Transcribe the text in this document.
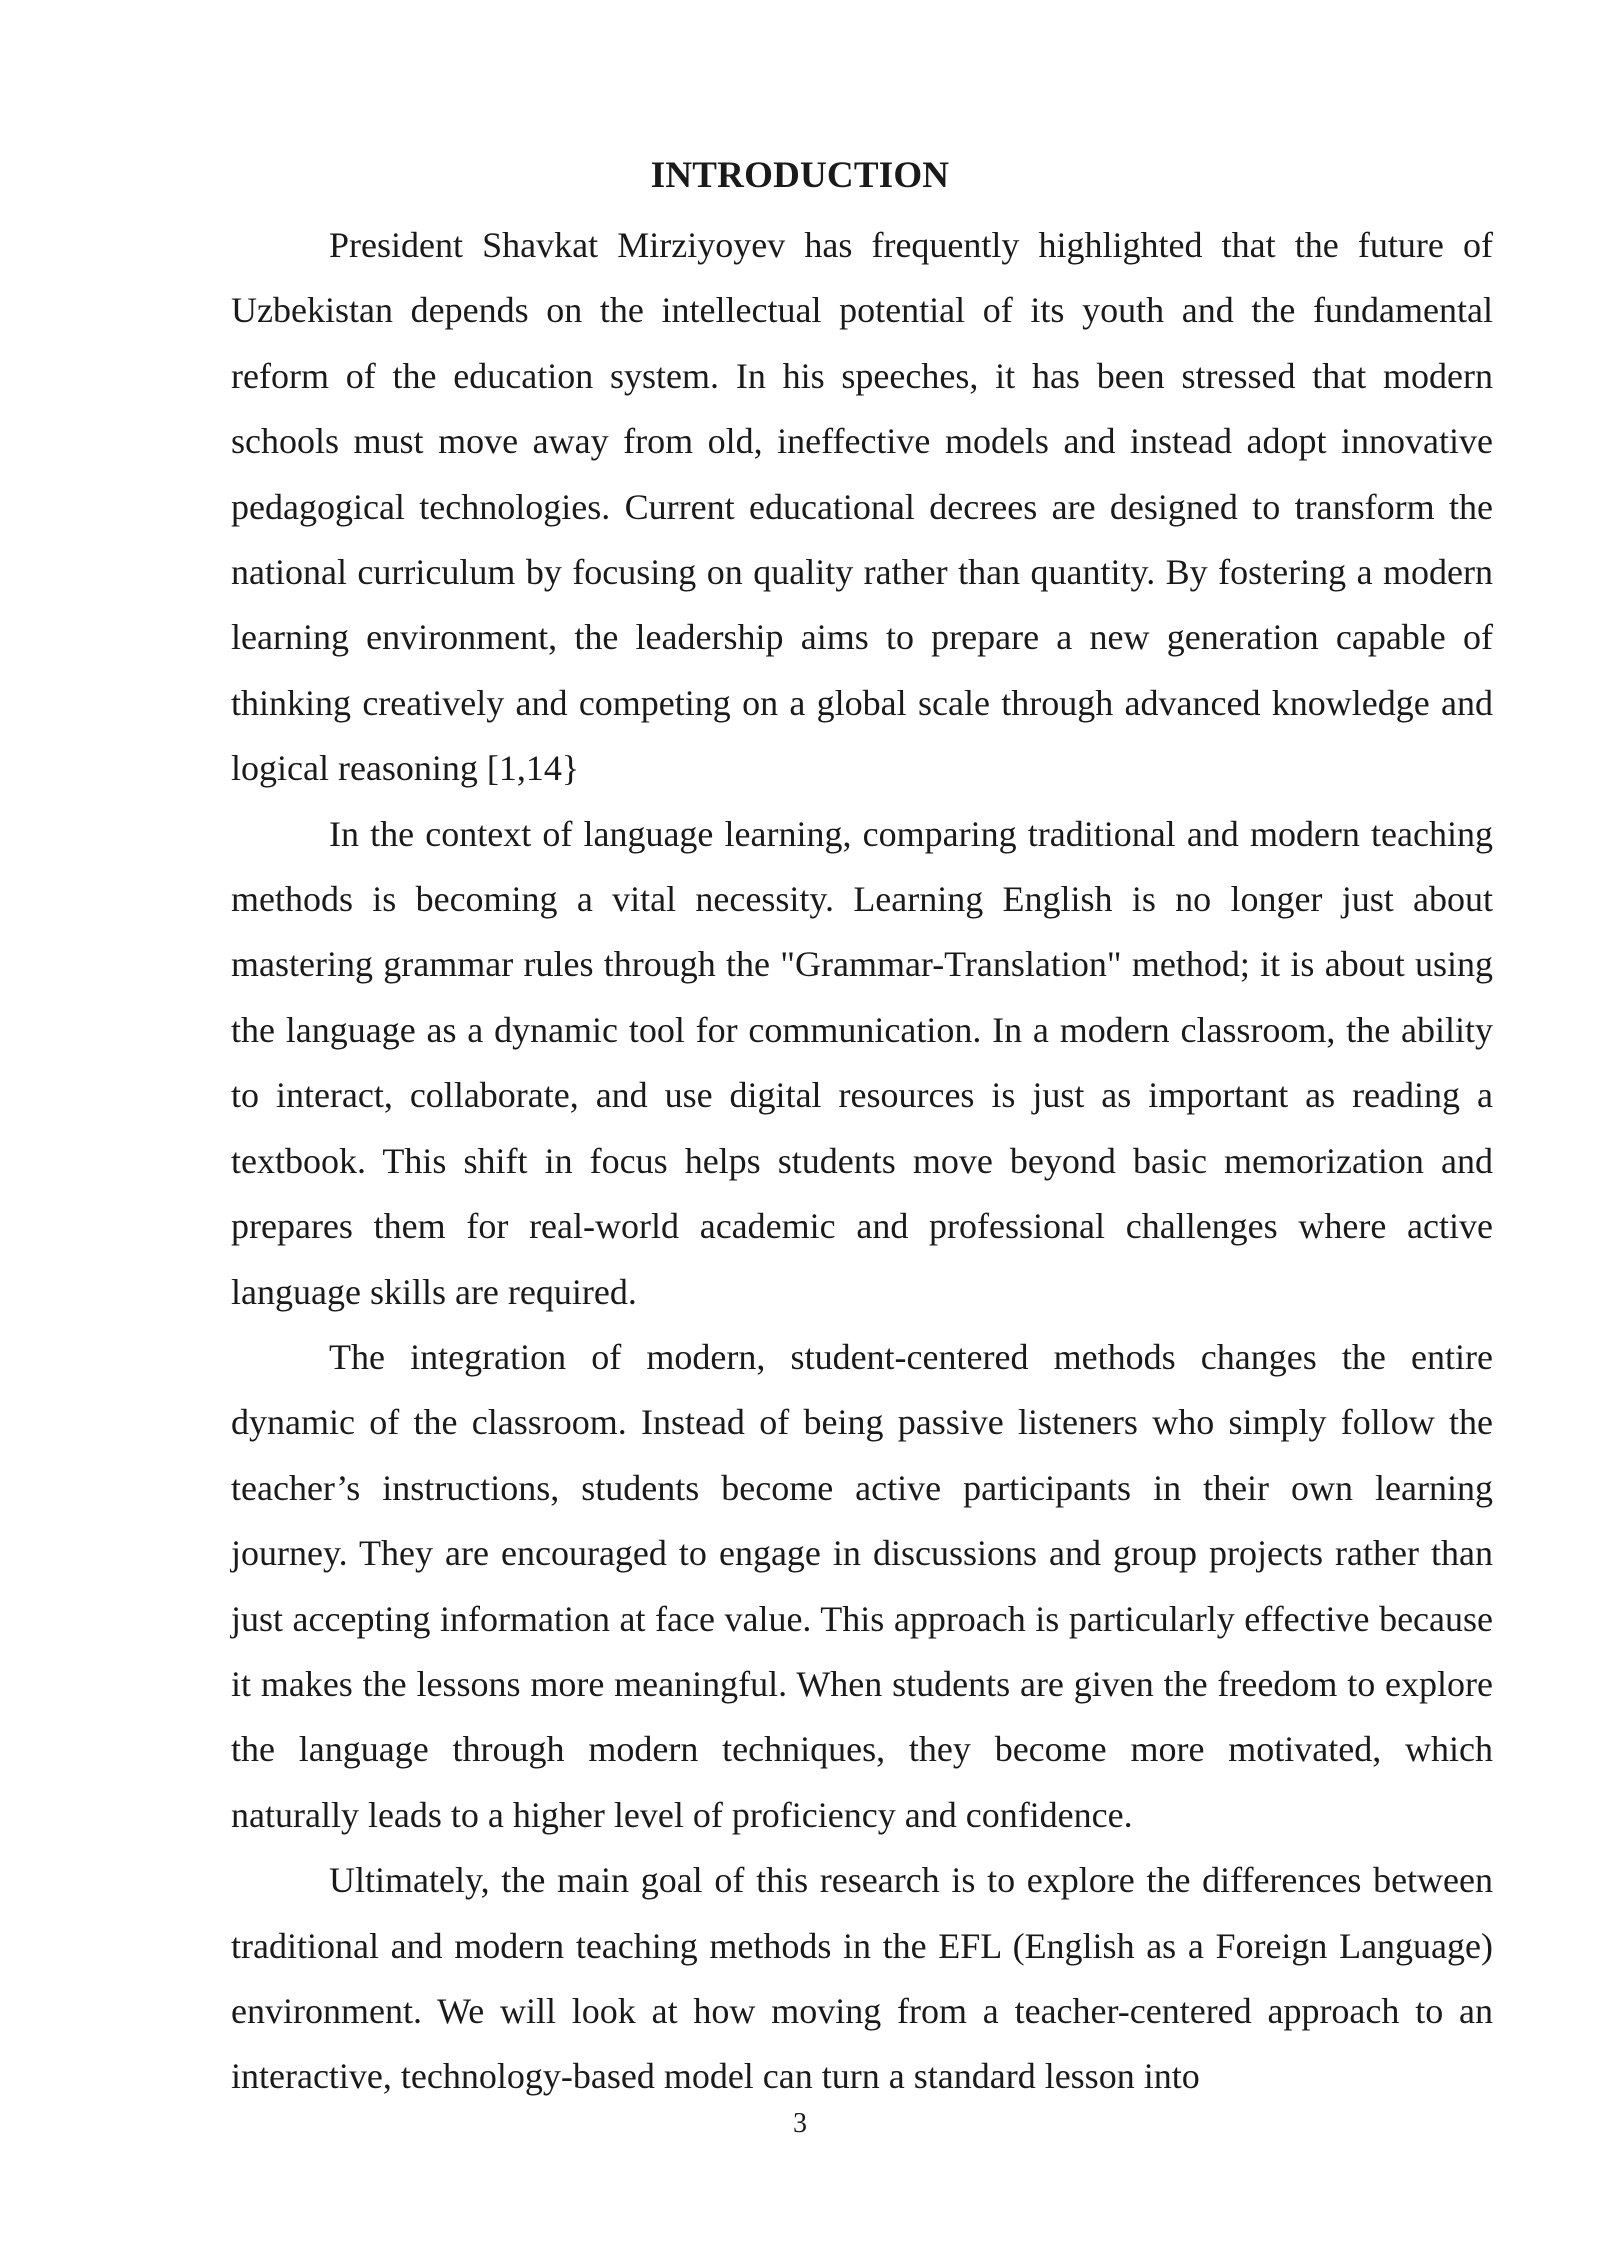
INTRODUCTION

President Shavkat Mirziyoyev has frequently highlighted that the future of Uzbekistan depends on the intellectual potential of its youth and the fundamental reform of the education system. In his speeches, it has been stressed that modern schools must move away from old, ineffective models and instead adopt innovative pedagogical technologies. Current educational decrees are designed to transform the national curriculum by focusing on quality rather than quantity. By fostering a modern learning environment, the leadership aims to prepare a new generation capable of thinking creatively and competing on a global scale through advanced knowledge and logical reasoning [1,14}

In the context of language learning, comparing traditional and modern teaching methods is becoming a vital necessity. Learning English is no longer just about mastering grammar rules through the "Grammar-Translation" method; it is about using the language as a dynamic tool for communication. In a modern classroom, the ability to interact, collaborate, and use digital resources is just as important as reading a textbook. This shift in focus helps students move beyond basic memorization and prepares them for real-world academic and professional challenges where active language skills are required.

The integration of modern, student-centered methods changes the entire dynamic of the classroom. Instead of being passive listeners who simply follow the teacher’s instructions, students become active participants in their own learning journey. They are encouraged to engage in discussions and group projects rather than just accepting information at face value. This approach is particularly effective because it makes the lessons more meaningful. When students are given the freedom to explore the language through modern techniques, they become more motivated, which naturally leads to a higher level of proficiency and confidence.

Ultimately, the main goal of this research is to explore the differences between traditional and modern teaching methods in the EFL (English as a Foreign Language) environment. We will look at how moving from a teacher-centered approach to an interactive, technology-based model can turn a standard lesson into

3
